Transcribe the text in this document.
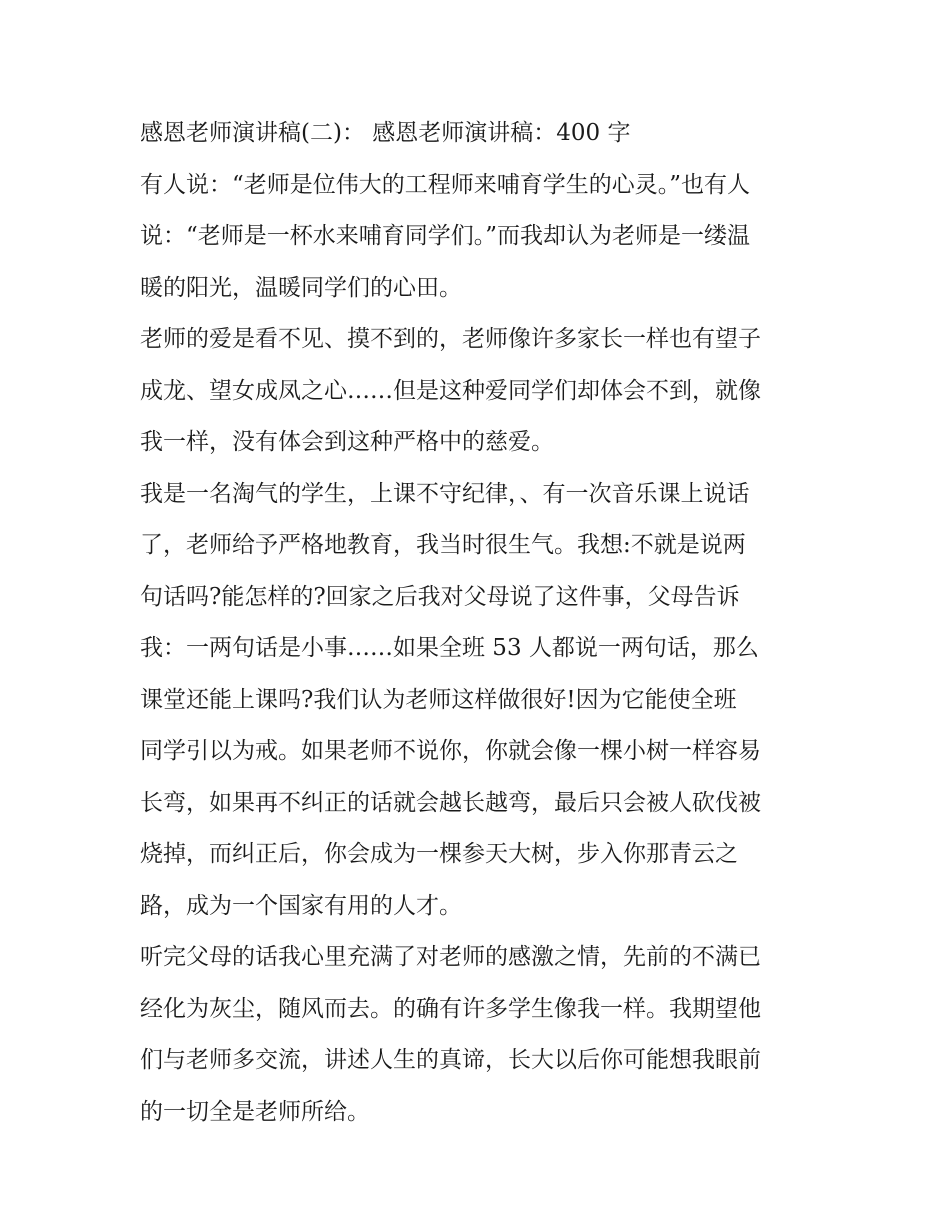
感恩老师演讲稿(二)： 感恩老师演讲稿：400 字
有人说：“老师是位伟大的工程师来哺育学生的心灵。”也有人
说：“老师是一杯水来哺育同学们。”而我却认为老师是一缕温
暖的阳光，温暖同学们的心田。
老师的爱是看不见、摸不到的，老师像许多家长一样也有望子
成龙、望女成凤之心……但是这种爱同学们却体会不到，就像
我一样，没有体会到这种严格中的慈爱。
我是一名淘气的学生，上课不守纪律，、有一次音乐课上说话
了，老师给予严格地教育，我当时很生气。我想:不就是说两
句话吗?能怎样的?回家之后我对父母说了这件事，父母告诉
我：一两句话是小事……如果全班 53 人都说一两句话，那么
课堂还能上课吗?我们认为老师这样做很好!因为它能使全班
同学引以为戒。如果老师不说你，你就会像一棵小树一样容易
长弯，如果再不纠正的话就会越长越弯，最后只会被人砍伐被
烧掉，而纠正后，你会成为一棵参天大树，步入你那青云之
路，成为一个国家有用的人才。
听完父母的话我心里充满了对老师的感激之情，先前的不满已
经化为灰尘，随风而去。的确有许多学生像我一样。我期望他
们与老师多交流，讲述人生的真谛，长大以后你可能想我眼前
的一切全是老师所给。
